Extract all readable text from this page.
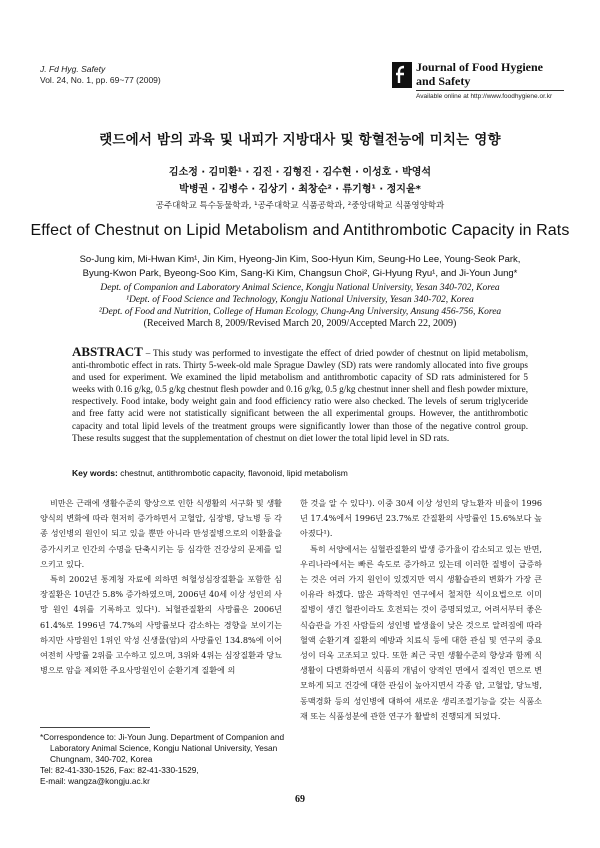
J. Fd Hyg. Safety
Vol. 24, No. 1, pp. 69~77 (2009)
Journal of Food Hygiene
and Safety
Available online at http://www.foodhygiene.or.kr
랫드에서 밤의 과육 및 내피가 지방대사 및 항혈전능에 미치는 영향
김소정 · 김미환¹ · 김진 · 김형진 · 김수현 · 이성호 · 박영석
박병권 · 김병수 · 김상기 · 최창순² · 류기형¹ · 정지윤*
공주대학교 특수동물학과, ¹공주대학교 식품공학과, ²중앙대학교 식품영양학과
Effect of Chestnut on Lipid Metabolism and Antithrombotic Capacity in Rats
So-Jung kim, Mi-Hwan Kim¹, Jin Kim, Hyeong-Jin Kim, Soo-Hyun Kim, Seung-Ho Lee, Young-Seok Park,
Byung-Kwon Park, Byeong-Soo Kim, Sang-Ki Kim, Changsun Choi², Gi-Hyung Ryu¹, and Ji-Youn Jung*
Dept. of Companion and Laboratory Animal Science, Kongju National University, Yesan 340-702, Korea
¹Dept. of Food Science and Technology, Kongju National University, Yesan 340-702, Korea
²Dept. of Food and Nutrition, College of Human Ecology, Chung-Ang University, Ansung 456-756, Korea
(Received March 8, 2009/Revised March 20, 2009/Accepted March 22, 2009)
ABSTRACT – This study was performed to investigate the effect of dried powder of chestnut on lipid metabolism, anti-thrombotic effect in rats. Thirty 5-week-old male Sprague Dawley (SD) rats were randomly allocated into five groups and used for experiment. We examined the lipid metabolism and antithrombotic capacity of SD rats administered for 5 weeks with 0.16 g/kg, 0.5 g/kg chestnut flesh powder and 0.16 g/kg, 0.5 g/kg chestnut inner shell and flesh powder mixture, respectively. Food intake, body weight gain and food efficiency ratio were also checked. The levels of serum triglyceride and free fatty acid were not statistically significant between the all experimental groups. However, the antithrombotic capacity and total lipid levels of the treatment groups were significantly lower than those of the negative control group. These results suggest that the supplementation of chestnut on diet lower the total lipid level in SD rats.
Key words: chestnut, antithrombotic capacity, flavonoid, lipid metabolism

비만은 근래에 생활수준의 향상으로 인한 식생활의 서구화 및 생활양식의 변화에 따라 현저히 증가하면서 고혈압, 심장병, 당뇨병 등 각종 성인병의 원인이 되고 있을 뿐만 아니라 만성질병으로의 이환율을 증가시키고 인간의 수명을 단축시키는 등 심각한 건강상의 문제를 일으키고 있다.

특히 2002년 통계청 자료에 의하면 허혈성심장질환을 포함한 심장질환은 10년간 5.8% 증가하였으며, 2006년 40세 이상 성인의 사망 원인 4위를 기록하고 있다¹). 뇌혈관질환의 사망률은 2006년 61.4%로 1996년 74.7%의 사망률보다 감소하는 경향을 보이기는 하지만 사망원인 1위인 악성 신생물(암)의 사망률인 134.8%에 이어 여전히 사망률 2위를 고수하고 있으며, 3위와 4위는 심장질환과 당뇨병으로 암을 제외한 주요사망원인이 순환기계 질환에 의

한 것을 알 수 있다¹). 이중 30세 이상 성인의 당뇨환자 비율이 1996년 17.4%에서 1996년 23.7%로 간질환의 사망률인 15.6%보다 높아졌다¹).

특히 서양에서는 심혈관질환의 발생 증가율이 감소되고 있는 반면, 우리나라에서는 빠른 속도로 증가하고 있는데 이러한 질병이 급증하는 것은 여러 가지 원인이 있겠지만 역시 생활습관의 변화가 가장 큰 이유라 하겠다. 많은 과학적인 연구에서 철저한 식이요법으로 이미 질병이 생긴 혈관이라도 호전되는 것이 증명되었고, 어려서부터 좋은 식습관을 가진 사람들의 성인병 발생율이 낮은 것으로 알려짐에 따라 혈액 순환기계 질환의 예방과 치료식 등에 대한 관심 및 연구의 중요성이 더욱 고조되고 있다. 또한 최근 국민 생활수준의 향상과 함께 식생활이 다변화하면서 식품의 개념이 양적인 면에서 질적인 면으로 변모하게 되고 건강에 대한 관심이 높아지면서 각종 암, 고혈압, 당뇨병, 동맥경화 등의 성인병에 대하여 새로운 생리조절기능을 갖는 식품소재 또는 식품성분에 관한 연구가 활발히 진행되게 되었다.

*Correspondence to: Ji-Youn Jung. Department of Companion and
Laboratory Animal Science, Kongju National University, Yesan
Chungnam, 340-702, Korea
Tel: 82-41-330-1526, Fax: 82-41-330-1529,
E-mail: wangza@kongju.ac.kr
69
